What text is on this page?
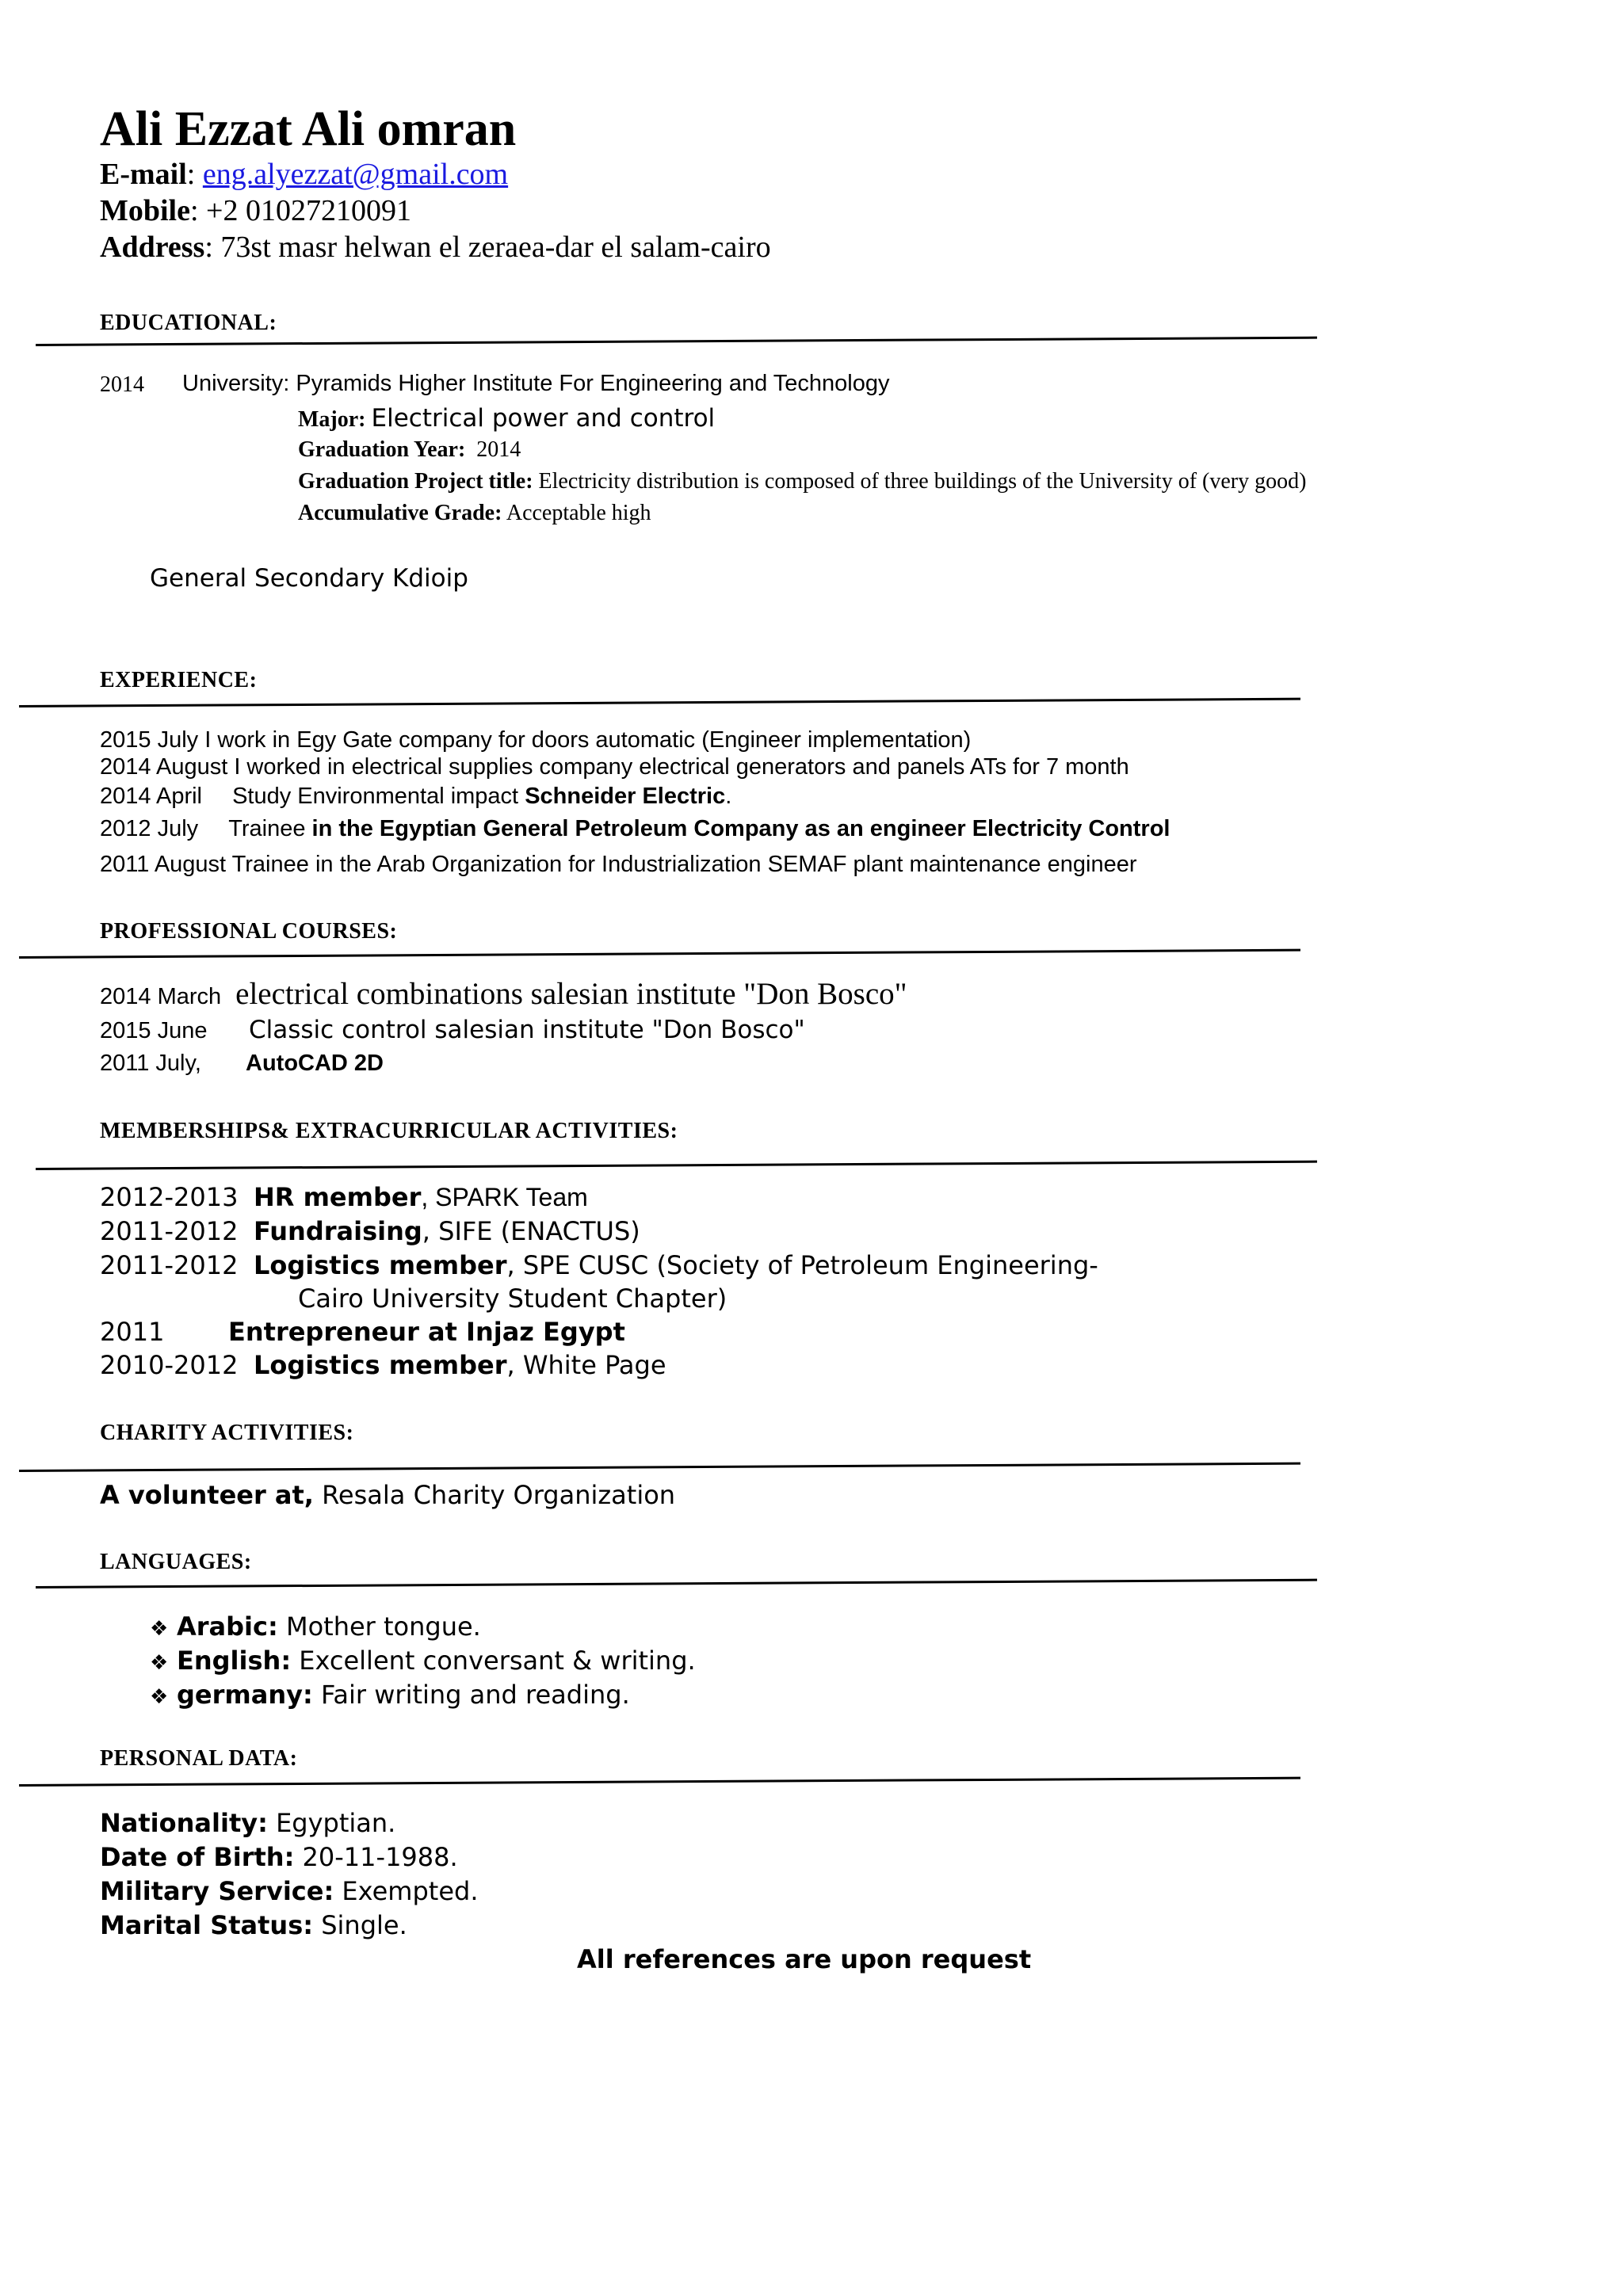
Ali Ezzat Ali omran
E-mail: eng.alyezzat@gmail.com
Mobile: +2 01027210091
Address: 73st masr helwan el zeraea-dar el salam-cairo
EDUCATIONAL:
2014 University: Pyramids Higher Institute For Engineering and Technology
Major: Electrical power and control
Graduation Year: 2014
Graduation Project title: Electricity distribution is composed of three buildings of the University of (very good)
Accumulative Grade: Acceptable high
General Secondary Kdioip
EXPERIENCE:
2015 July I work in Egy Gate company for doors automatic (Engineer implementation)
2014 August I worked in electrical supplies company electrical generators and panels ATs for 7 month
2014 April Study Environmental impact Schneider Electric.
2012 July Trainee in the Egyptian General Petroleum Company as an engineer Electricity Control
2011 August Trainee in the Arab Organization for Industrialization SEMAF plant maintenance engineer
PROFESSIONAL COURSES:
2014 March electrical combinations salesian institute "Don Bosco"
2015 June Classic control salesian institute "Don Bosco"
2011 July, AutoCAD 2D
MEMBERSHIPS& EXTRACURRICULAR ACTIVITIES:
2012-2013 HR member, SPARK Team
2011-2012 Fundraising, SIFE (ENACTUS)
2011-2012 Logistics member, SPE CUSC (Society of Petroleum Engineering-
Cairo University Student Chapter)
2011	Entrepreneur at Injaz Egypt
2010-2012 Logistics member, White Page
CHARITY ACTIVITIES:
A volunteer at, Resala Charity Organization
LANGUAGES:
❖ Arabic: Mother tongue.
❖ English: Excellent conversant & writing.
❖ germany: Fair writing and reading.
PERSONAL DATA:
Nationality: Egyptian.
Date of Birth: 20-11-1988.
Military Service: Exempted.
Marital Status: Single.
All references are upon request
